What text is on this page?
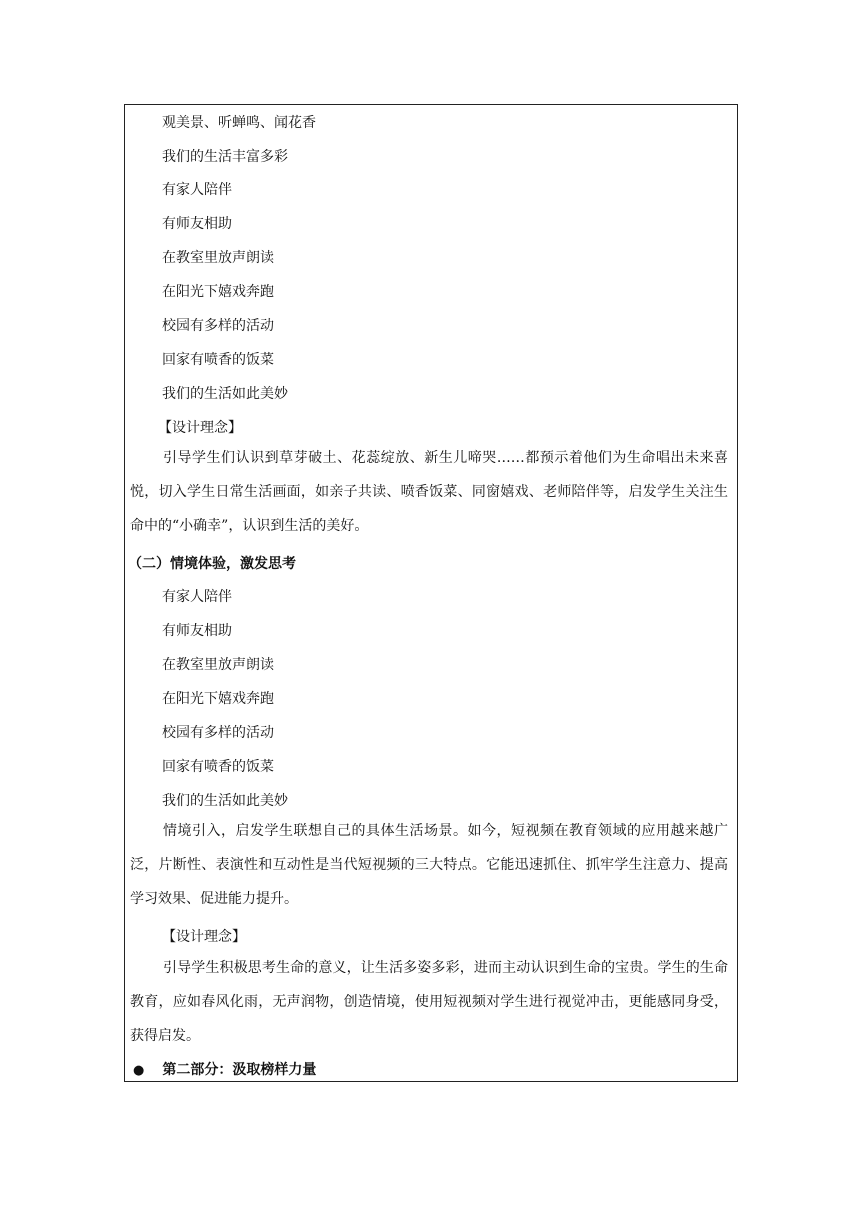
观美景、听蝉鸣、闻花香
我们的生活丰富多彩
有家人陪伴
有师友相助
在教室里放声朗读
在阳光下嬉戏奔跑
校园有多样的活动
回家有喷香的饭菜
我们的生活如此美妙
【设计理念】
引导学生们认识到草芽破土、花蕊绽放、新生儿啼哭……都预示着他们为生命唱出未来喜悦，切入学生日常生活画面，如亲子共读、喷香饭菜、同窗嬉戏、老师陪伴等，启发学生关注生命中的“小确幸”，认识到生活的美好。
（二）情境体验，激发思考
有家人陪伴
有师友相助
在教室里放声朗读
在阳光下嬉戏奔跑
校园有多样的活动
回家有喷香的饭菜
我们的生活如此美妙
情境引入，启发学生联想自己的具体生活场景。如今，短视频在教育领域的应用越来越广泛，片断性、表演性和互动性是当代短视频的三大特点。它能迅速抓住、抓牢学生注意力、提高学习效果、促进能力提升。
【设计理念】
引导学生积极思考生命的意义，让生活多姿多彩，进而主动认识到生命的宝贵。学生的生命教育，应如春风化雨，无声润物，创造情境，使用短视频对学生进行视觉冲击，更能感同身受，获得启发。
● 第二部分：汲取榜样力量
